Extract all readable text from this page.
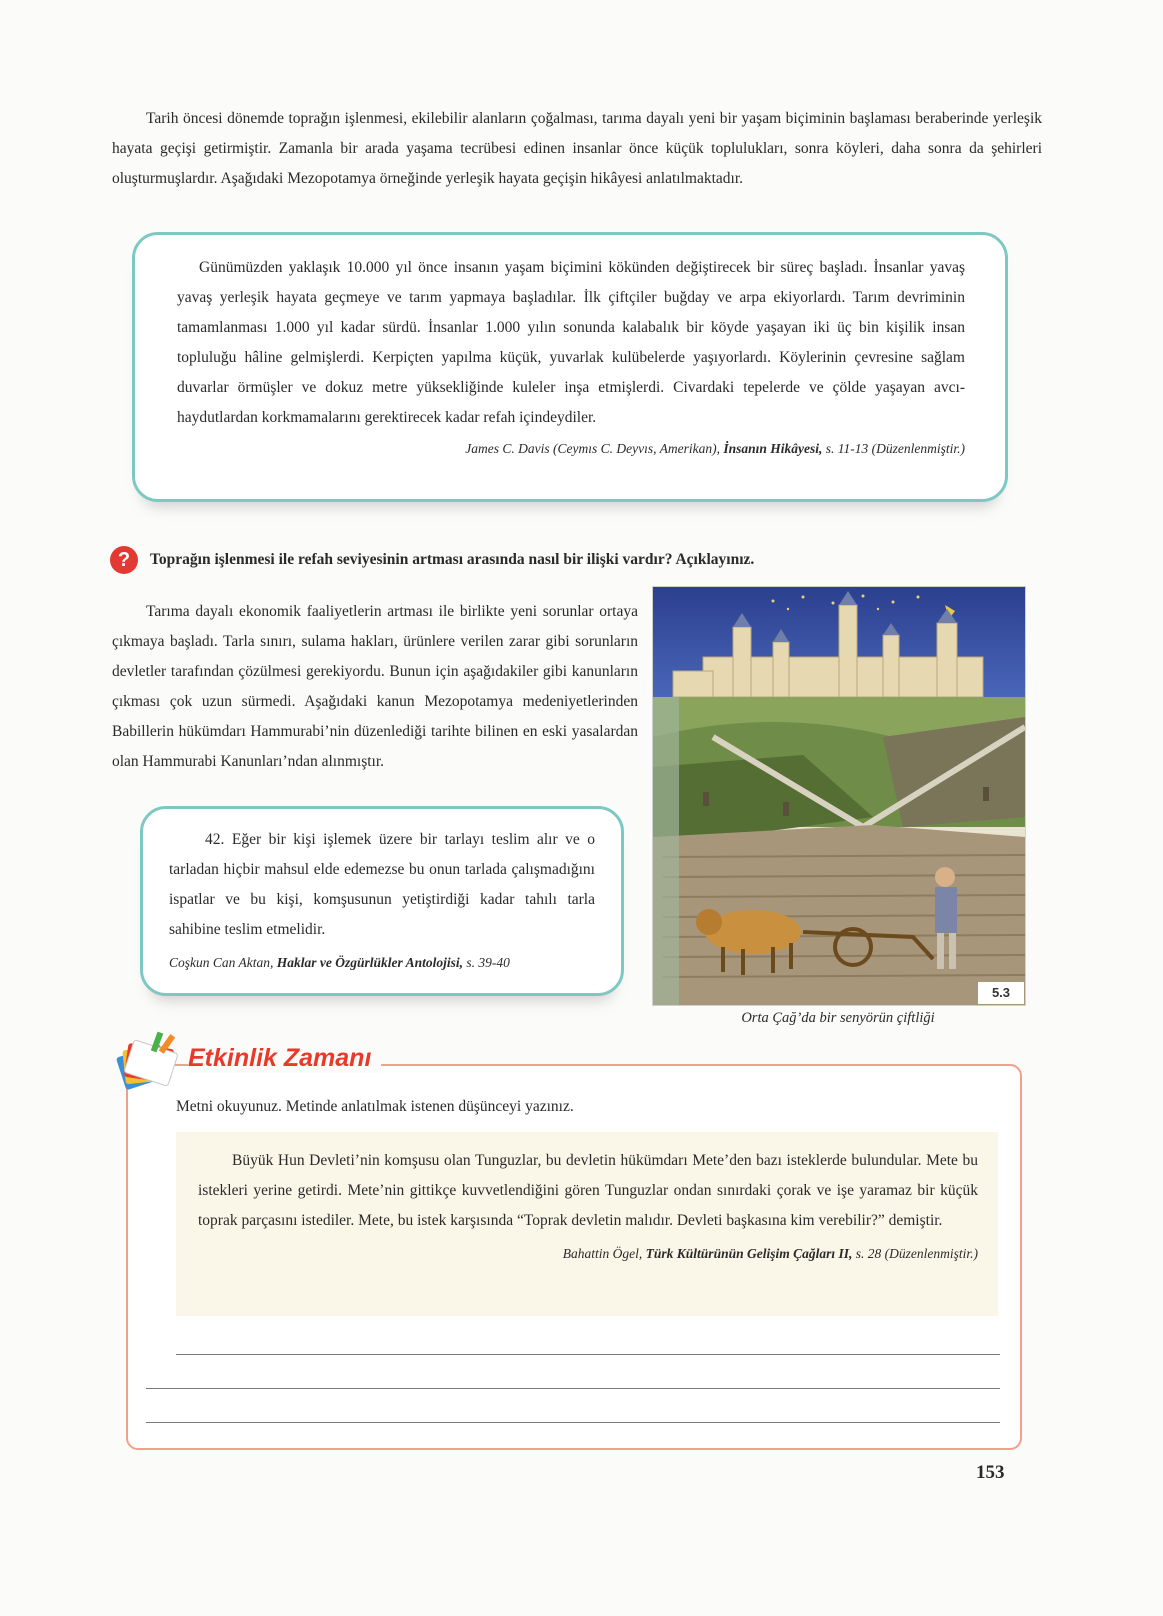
Tarih öncesi dönemde toprağın işlenmesi, ekilebilir alanların çoğalması, tarıma dayalı yeni bir yaşam biçiminin başlaması beraberinde yerleşik hayata geçişi getirmiştir. Zamanla bir arada yaşama tecrübesi edinen insanlar önce küçük toplulukları, sonra köyleri, daha sonra da şehirleri oluşturmuşlardır. Aşağıdaki Mezopotamya örneğinde yerleşik hayata geçişin hikâyesi anlatılmaktadır.

Günümüzden yaklaşık 10.000 yıl önce insanın yaşam biçimini kökünden değiştirecek bir süreç başladı. İnsanlar yavaş yavaş yerleşik hayata geçmeye ve tarım yapmaya başladılar. İlk çiftçiler buğday ve arpa ekiyorlardı. Tarım devriminin tamamlanması 1.000 yıl kadar sürdü. İnsanlar 1.000 yılın sonunda kalabalık bir köyde yaşayan iki üç bin kişilik insan topluluğu hâline gelmişlerdi. Kerpiçten yapılma küçük, yuvarlak kulübelerde yaşıyorlardı. Köylerinin çevresine sağlam duvarlar örmüşler ve dokuz metre yüksekliğinde kuleler inşa etmişlerdi. Civardaki tepelerde ve çölde yaşayan avcı-haydutlardan korkmamalarını gerektirecek kadar refah içindeydiler.

James C. Davis (Ceymıs C. Deyvıs, Amerikan), İnsanın Hikâyesi, s. 11-13 (Düzenlenmiştir.)
?	Toprağın işlenmesi ile refah seviyesinin artması arasında nasıl bir ilişki vardır? Açıklayınız.

Tarıma dayalı ekonomik faaliyetlerin artması ile birlikte yeni sorunlar ortaya çıkmaya başladı. Tarla sınırı, sulama hakları, ürünlere verilen zarar gibi sorunların devletler tarafından çözülmesi gerekiyordu. Bunun için aşağıdakiler gibi kanunların çıkması çok uzun sürmedi. Aşağıdaki kanun Mezopotamya medeniyetlerinden Babillerin hükümdarı Hammurabi’nin düzenlediği tarihte bilinen en eski yasalardan olan Hammurabi Kanunları’ndan alınmıştır.

42. Eğer bir kişi işlemek üzere bir tarlayı teslim alır ve o tarladan hiçbir mahsul elde edemezse bu onun tarlada çalışmadığını ispatlar ve bu kişi, komşusunun yetiştirdiği kadar tahılı tarla sahibine teslim etmelidir.

Coşkun Can Aktan, Haklar ve Özgürlükler Antolojisi, s. 39-40
5.3
Orta Çağ’da bir senyörün çiftliği
Etkinlik Zamanı
Metni okuyunuz. Metinde anlatılmak istenen düşünceyi yazınız.

Büyük Hun Devleti’nin komşusu olan Tunguzlar, bu devletin hükümdarı Mete’den bazı isteklerde bulundular. Mete bu istekleri yerine getirdi. Mete’nin gittikçe kuvvetlendiğini gören Tunguzlar ondan sınırdaki çorak ve işe yaramaz bir küçük toprak parçasını istediler. Mete, bu istek karşısında “Toprak devletin malıdır. Devleti başkasına kim verebilir?” demiştir.

Bahattin Ögel, Türk Kültürünün Gelişim Çağları II, s. 28 (Düzenlenmiştir.)
153
